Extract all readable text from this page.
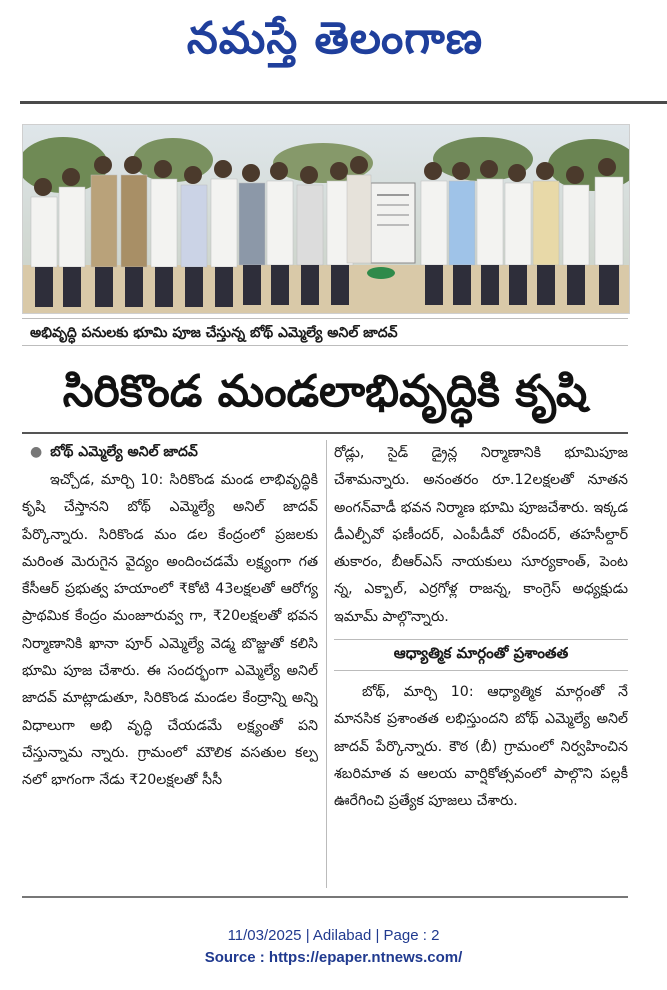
నమస్తే తెలంగాణ
అభివృద్ధి పనులకు భూమి పూజ చేస్తున్న బోథ్ ఎమ్మెల్యే అనిల్ జాదవ్
సిరికొండ మండలాభివృద్ధికి కృషి
● బోథ్ ఎమ్మెల్యే అనిల్ జాదవ్

ఇచ్చోడ, మార్చి 10: సిరికొండ మండ లాభివృద్ధికి కృషి చేస్తానని బోథ్ ఎమ్మెల్యే అనిల్ జాదవ్ పేర్కొన్నారు. సిరికొండ మం డల కేంద్రంలో ప్రజలకు మరింత మెరుగైన వైద్యం అందించడమే లక్ష్యంగా గత కేసీఆర్ ప్రభుత్వ హయాంలో ₹కోటి 43లక్షలతో ఆరోగ్య ప్రాథమిక కేంద్రం మంజూరువ్వ గా, ₹20లక్షలతో భవన నిర్మాణానికి ఖానా పూర్ ఎమ్మెల్యే వెడ్మ బొజ్జుతో కలిసి భూమి పూజ చేశారు. ఈ సందర్భంగా ఎమ్మెల్యే అనిల్ జాదవ్ మాట్లాడుతూ, సిరికొండ మండల కేంద్రాన్ని అన్ని విధాలుగా అభి వృద్ధి చేయడమే లక్ష్యంతో పని చేస్తున్నామ న్నారు. గ్రామంలో మౌలిక వసతుల కల్ప నలో భాగంగా నేడు ₹20లక్షలతో సీసీ

రోడ్లు, సైడ్ డ్రైన్ల నిర్మాణానికి భూమిపూజ చేశామన్నారు. అనంతరం రూ.12లక్షలతో నూతన అంగన్‌వాడీ భవన నిర్మాణ భూమి పూజచేశారు. ఇక్కడ డీఎల్పీవో ఫణీందర్, ఎంపీడీవో రవీందర్, తహసీల్దార్ తుకారం, బీఆర్ఎస్ నాయకులు సూర్యకాంత్, పెంట న్న, ఎక్బాల్, ఎర్రగోళ్ల రాజన్న, కాంగ్రెస్ అధ్యక్షుడు ఇమామ్ పాల్గొన్నారు.

ఆధ్యాత్మిక మార్గంతో ప్రశాంతత

బోథ్, మార్చి 10: ఆధ్యాత్మిక మార్గంతో నే మానసిక ప్రశాంతత లభిస్తుందని బోథ్ ఎమ్మెల్యే అనిల్ జాదవ్ పేర్కొన్నారు. కౌఠ (బీ) గ్రామంలో నిర్వహించిన శబరిమాత వ ఆలయ వార్షికోత్సవంలో పాల్గొని పల్లకీ ఊరేగించి ప్రత్యేక పూజలు చేశారు.

11/03/2025 | Adilabad | Page : 2
Source : https://epaper.ntnews.com/
